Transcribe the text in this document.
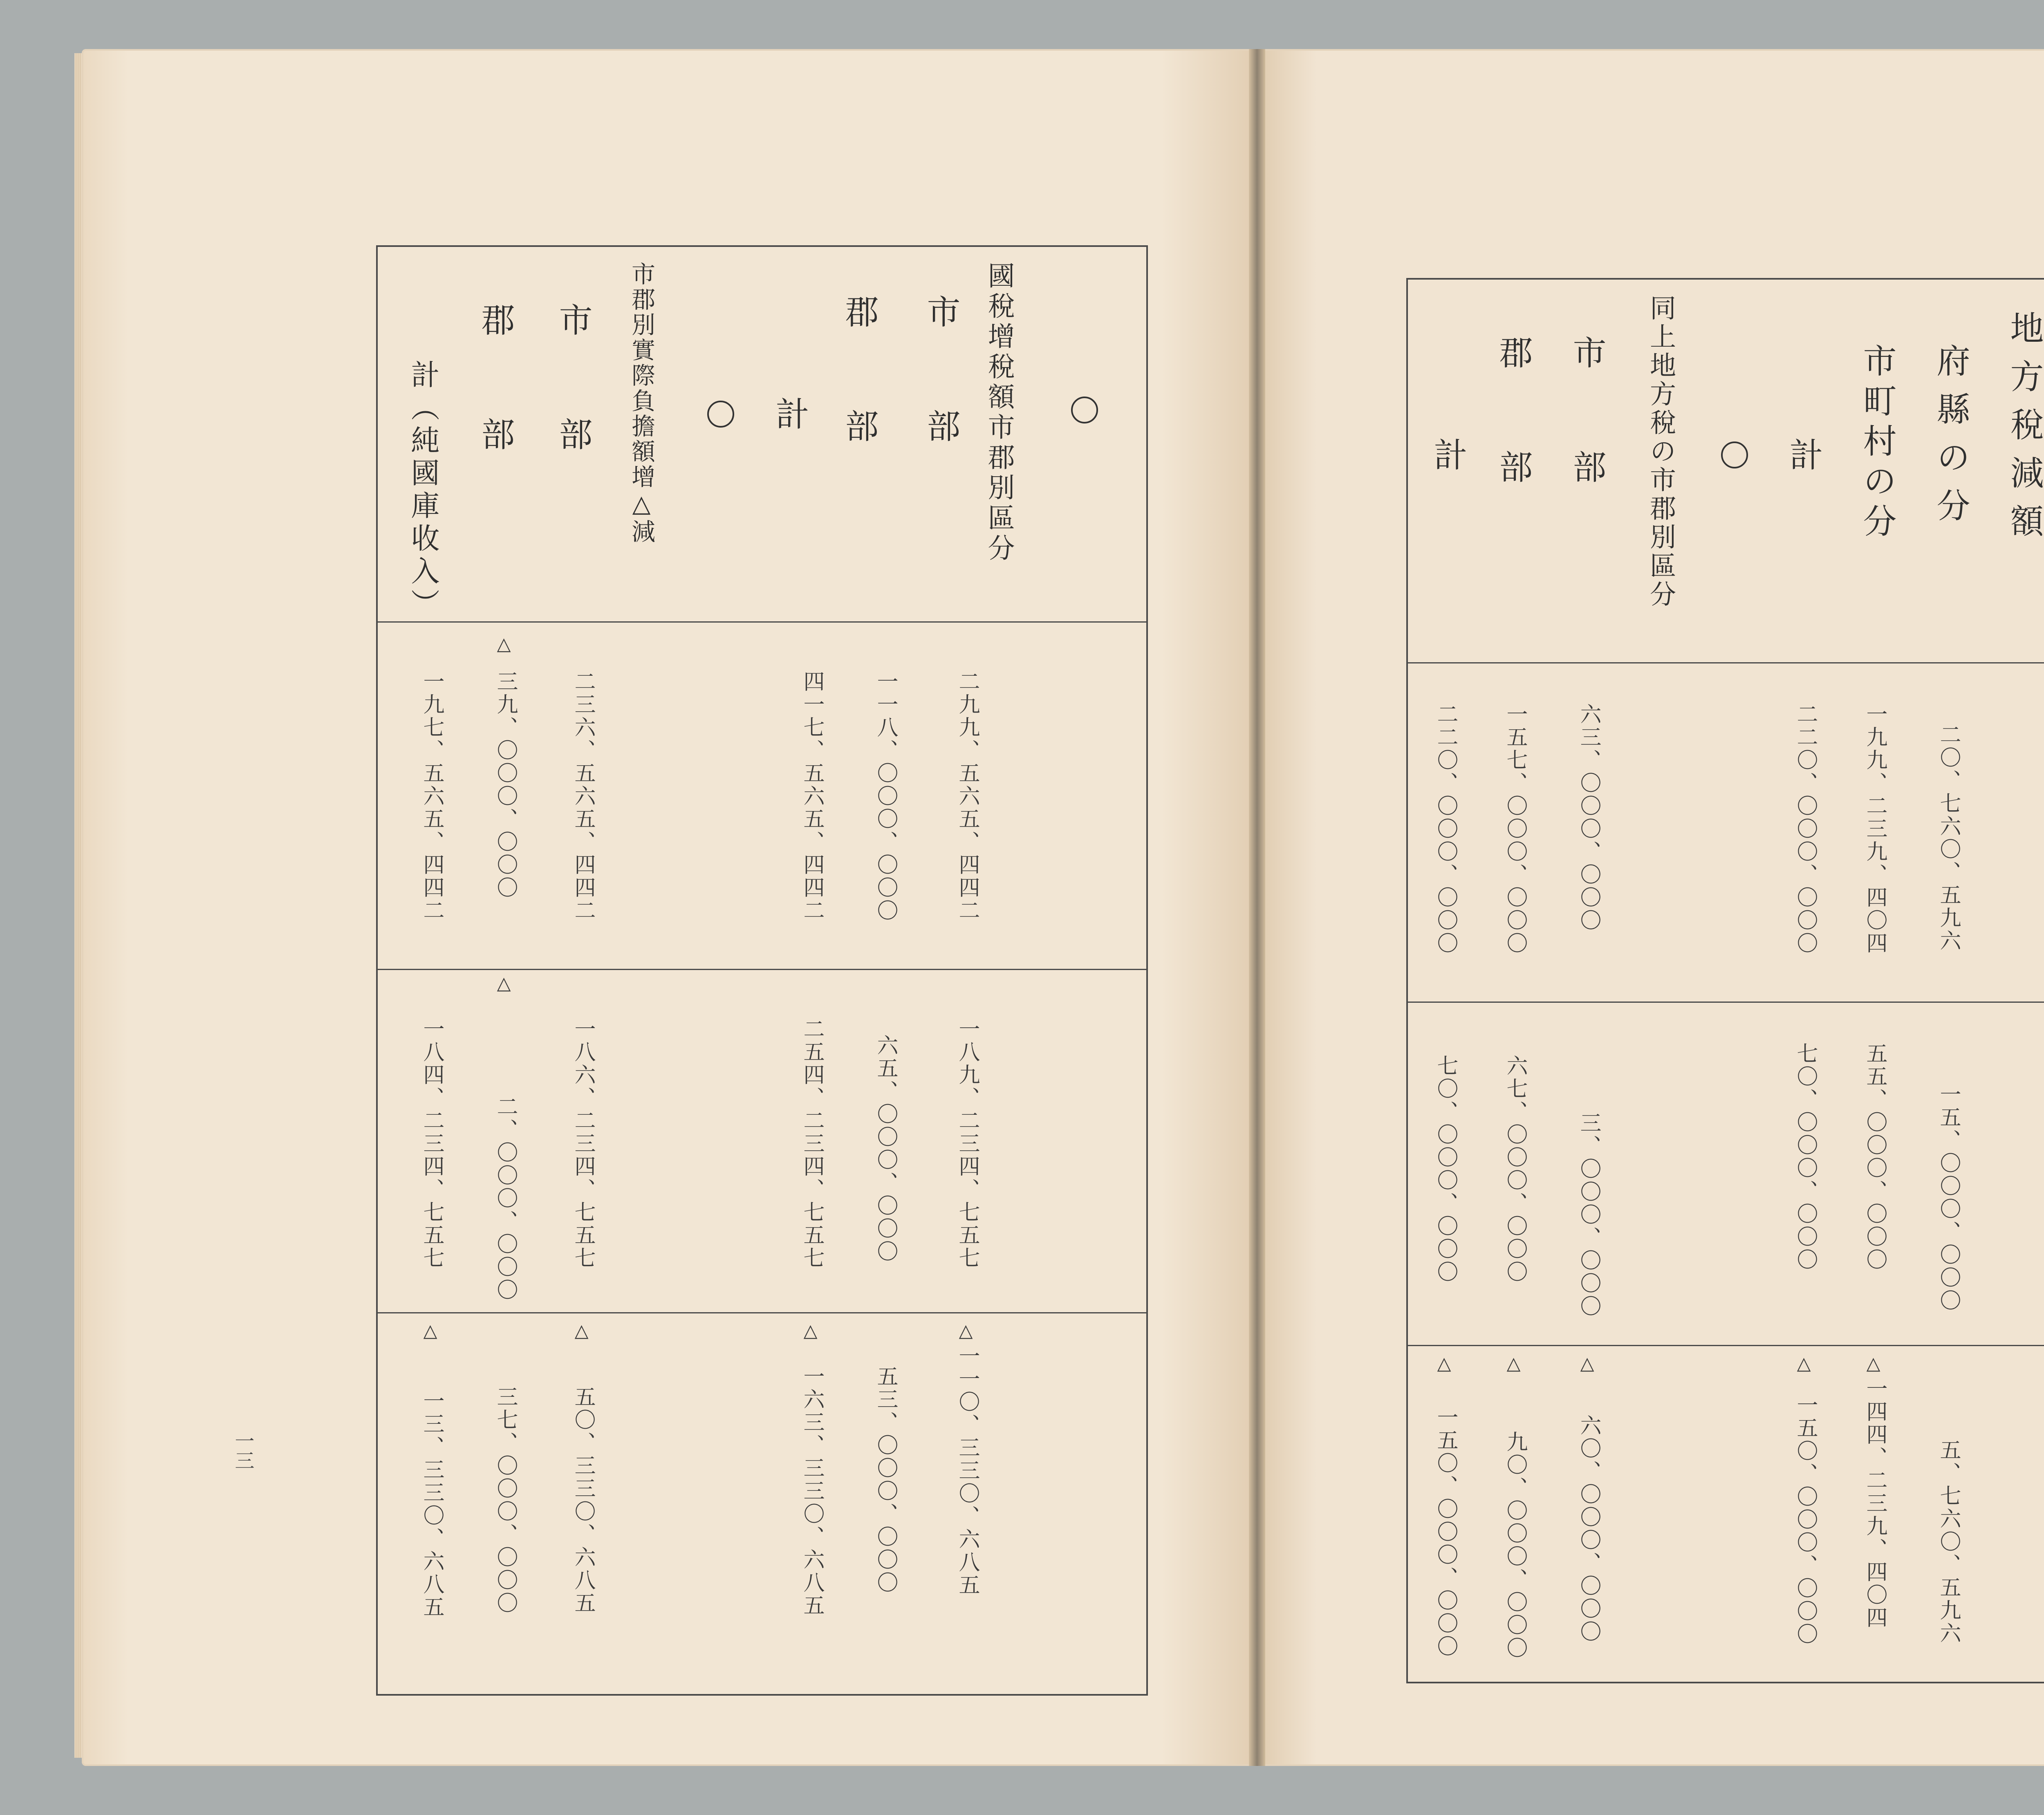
國稅增稅額市郡別區分
市　部
郡　部
計
市郡別實際負擔額增△減
市　部
郡　部
計（純國庫收入）
二九九、五六五、四四二
一一八、〇〇〇、〇〇〇
四一七、五六五、四四二
二三六、五六五、四四二
△
三九、〇〇〇、〇〇〇
一九七、五六五、四四二
一八九、二三四、七五七
六五、〇〇〇、〇〇〇
二五四、二三四、七五七
一八六、二三四、七五七
△
二、〇〇〇、〇〇〇
一八四、二三四、七五七
△
一一〇、三三〇、六八五
五三、〇〇〇、〇〇〇
△
一六三、三三〇、六八五
△
五〇、三三〇、六八五
三七、〇〇〇、〇〇〇
△
一三、三三〇、六八五
一三
地方稅減額
府縣の分
市町村の分
計
同上地方稅の市郡別區分
市　部
郡　部
計
二〇、七六〇、五九六
一九九、二三九、四〇四
二二〇、〇〇〇、〇〇〇
六三、〇〇〇、〇〇〇
一五七、〇〇〇、〇〇〇
二二〇、〇〇〇、〇〇〇
一五、〇〇〇、〇〇〇
五五、〇〇〇、〇〇〇
七〇、〇〇〇、〇〇〇
三、〇〇〇、〇〇〇
六七、〇〇〇、〇〇〇
七〇、〇〇〇、〇〇〇
五、七六〇、五九六
△
一四四、二三九、四〇四
△
一五〇、〇〇〇、〇〇〇
△
六〇、〇〇〇、〇〇〇
△
九〇、〇〇〇、〇〇〇
△
一五〇、〇〇〇、〇〇〇
